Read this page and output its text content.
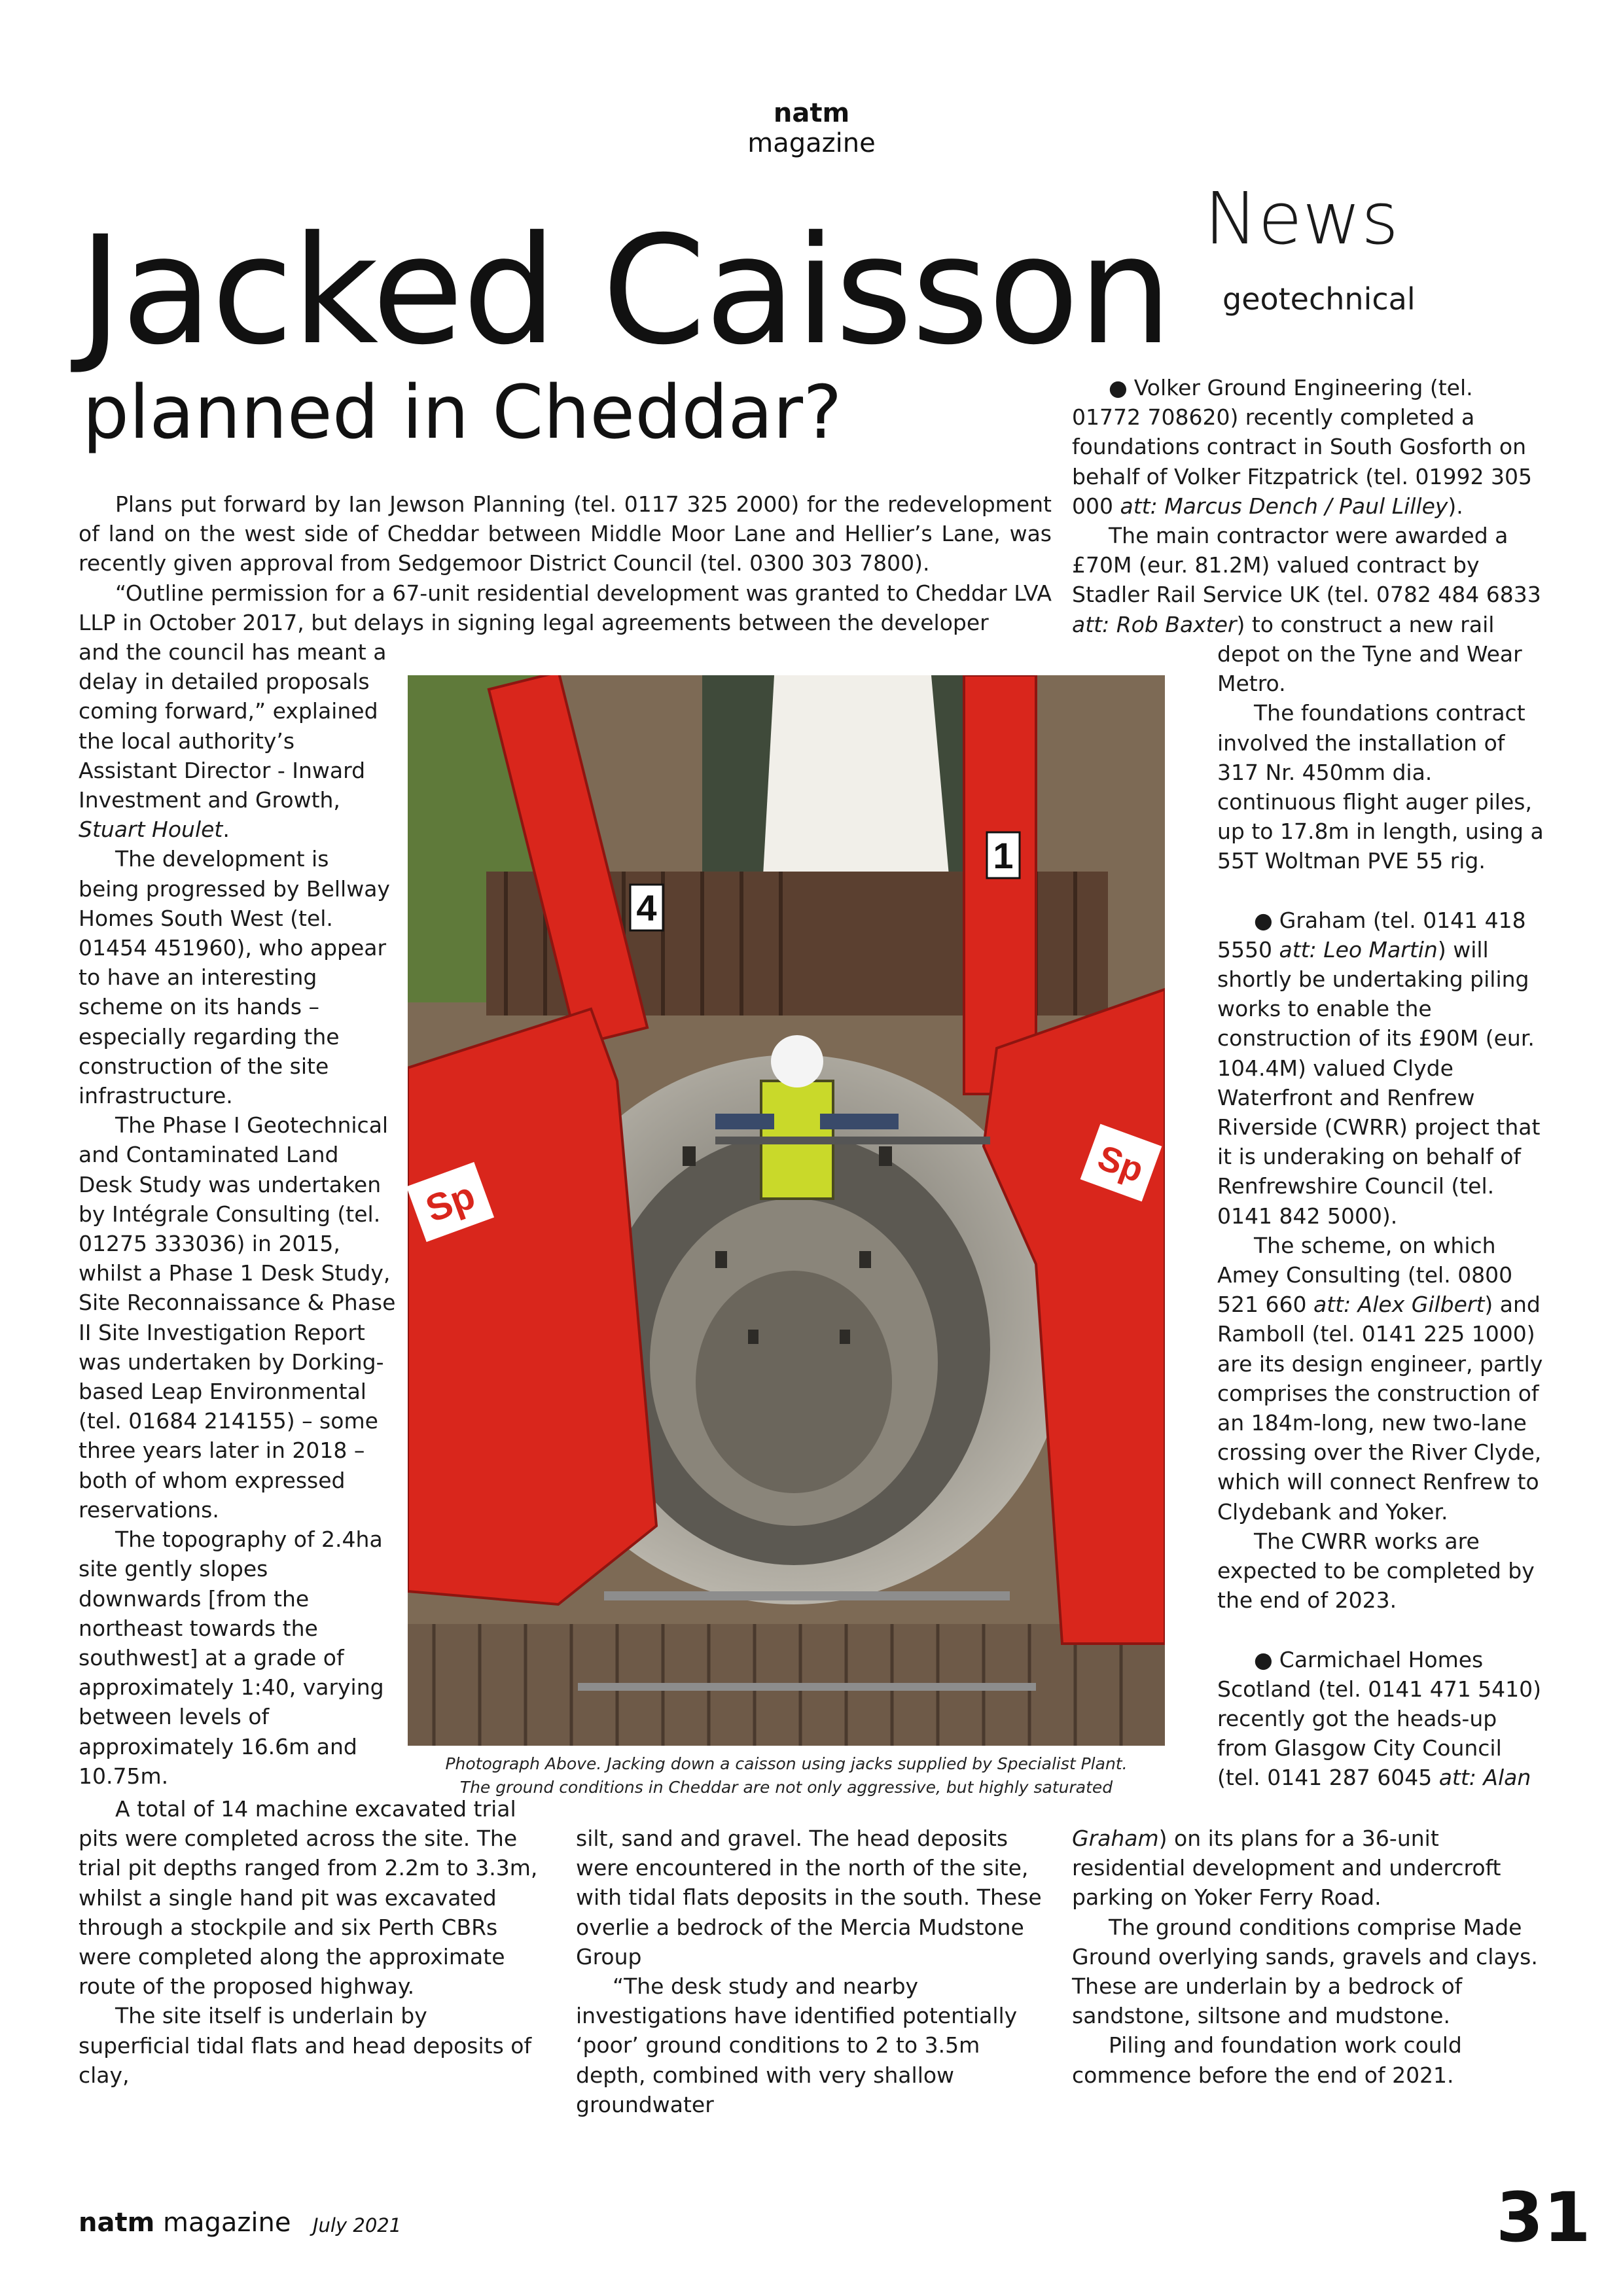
natm magazine
News
geotechnical
Jacked Caisson
planned in Cheddar?

Plans put forward by Ian Jewson Planning (tel. 0117 325 2000) for the redevelopment of land on the west side of Cheddar between Middle Moor Lane and Hellier’s Lane, was recently given approval from Sedgemoor District Council (tel. 0300 303 7800).

“Outline permission for a 67-unit residential development was granted to Cheddar LVA LLP in October 2017, but delays in signing legal agreements between the developer

and the council has meant a delay in detailed proposals coming forward,” explained the local authority’s Assistant Director - Inward Investment and Growth, Stuart Houlet.

The development is being progressed by Bellway Homes South West (tel. 01454 451960), who appear to have an interesting scheme on its hands – especially regarding the construction of the site infrastructure.

The Phase I Geotechnical and Contaminated Land Desk Study was undertaken by Intégrale Consulting (tel. 01275 333036) in 2015, whilst a Phase 1 Desk Study, Site Reconnaissance & Phase II Site Investigation Report was undertaken by Dorking-based Leap Environmental (tel. 01684 214155) – some three years later in 2018 – both of whom expressed reservations.

The topography of 2.4ha site gently slopes downwards [from the northeast towards the southwest] at a grade of approximately 1:40, varying between levels of approximately 16.6m and 10.75m.

A total of 14 machine excavated trial pits were completed across the site. The trial pit depths ranged from 2.2m to 3.3m, whilst a single hand pit was excavated through a stockpile and six Perth CBRs were completed along the approximate route of the proposed highway.

The site itself is underlain by superficial tidal flats and head deposits of clay,

silt, sand and gravel. The head deposits were encountered in the north of the site, with tidal flats deposits in the south. These overlie a bedrock of the Mercia Mudstone Group

“The desk study and nearby investigations have identified potentially ‘poor’ ground conditions to 2 to 3.5m depth, combined with very shallow groundwater

● Volker Ground Engineering (tel. 01772 708620) recently completed a foundations contract in South Gosforth on behalf of Volker Fitzpatrick (tel. 01992 305 000 att: Marcus Dench / Paul Lilley).

The main contractor were awarded a £70M (eur. 81.2M) valued contract by Stadler Rail Service UK (tel. 0782 484 6833 att: Rob Baxter) to construct a new rail

depot on the Tyne and Wear Metro.

The foundations contract involved the installation of 317 Nr. 450mm dia. continuous flight auger piles, up to 17.8m in length, using a 55T Woltman PVE 55 rig.

● Graham (tel. 0141 418 5550 att: Leo Martin) will shortly be undertaking piling works to enable the construction of its £90M (eur. 104.4M) valued Clyde Waterfront and Renfrew Riverside (CWRR) project that it is underaking on behalf of Renfrewshire Council (tel. 0141 842 5000).

The scheme, on which Amey Consulting (tel. 0800 521 660 att: Alex Gilbert) and Ramboll (tel. 0141 225 1000) are its design engineer, partly comprises the construction of an 184m-long, new two-lane crossing over the River Clyde, which will connect Renfrew to Clydebank and Yoker.

The CWRR works are expected to be completed by the end of 2023.

● Carmichael Homes Scotland (tel. 0141 471 5410) recently got the heads-up from Glasgow City Council (tel. 0141 287 6045 att: Alan

Graham) on its plans for a 36-unit residential development and undercroft parking on Yoker Ferry Road.

The ground conditions comprise Made Ground overlying sands, gravels and clays. These are underlain by a bedrock of sandstone, siltsone and mudstone.

Piling and foundation work could commence before the end of 2021.

4
1
Sp
Sp
Photograph Above. Jacking down a caisson using jacks supplied by Specialist Plant.
The ground conditions in Cheddar are not only aggressive, but highly saturated
natm magazine July 2021	31
